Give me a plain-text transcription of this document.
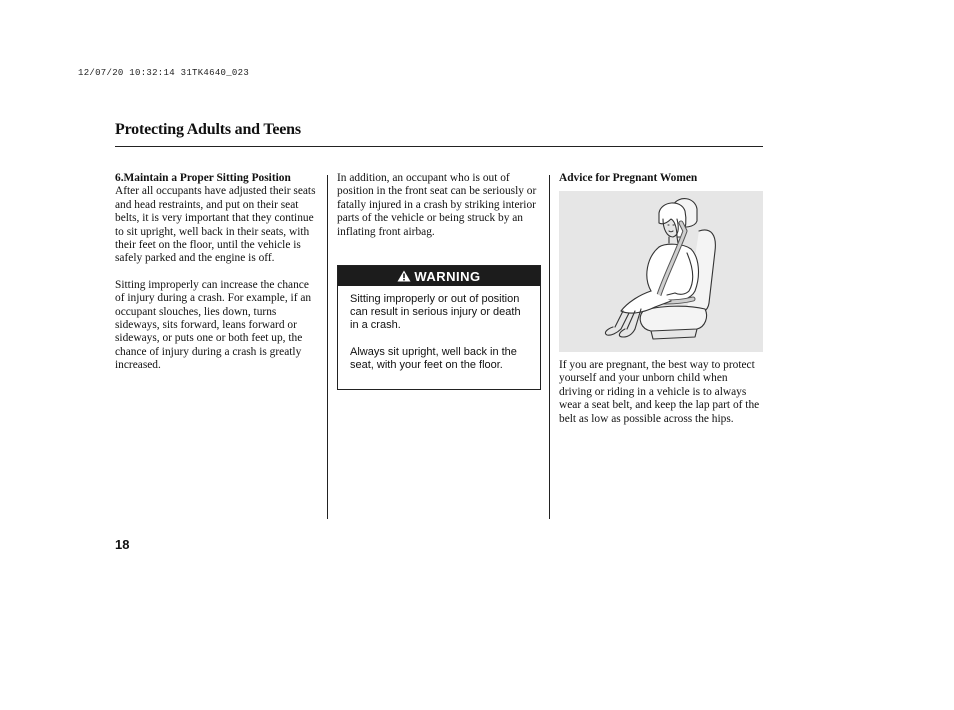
12/07/20 10:32:14 31TK4640_023
Protecting Adults and Teens

6.Maintain a Proper Sitting Position

After all occupants have adjusted their seats and head restraints, and put on their seat belts, it is very important that they continue to sit upright, well back in their seats, with their feet on the floor, until the vehicle is safely parked and the engine is off.

Sitting improperly can increase the chance of injury during a crash. For example, if an occupant slouches, lies down, turns sideways, sits forward, leans forward or sideways, or puts one or both feet up, the chance of injury during a crash is greatly increased.

In addition, an occupant who is out of position in the front seat can be seriously or fatally injured in a crash by striking interior parts of the vehicle or being struck by an inflating front airbag.

WARNING

Sitting improperly or out of position can result in serious injury or death in a crash.

Always sit upright, well back in the seat, with your feet on the floor.

Advice for Pregnant Women

If you are pregnant, the best way to protect yourself and your unborn child when driving or riding in a vehicle is to always wear a seat belt, and keep the lap part of the belt as low as possible across the hips.

18
